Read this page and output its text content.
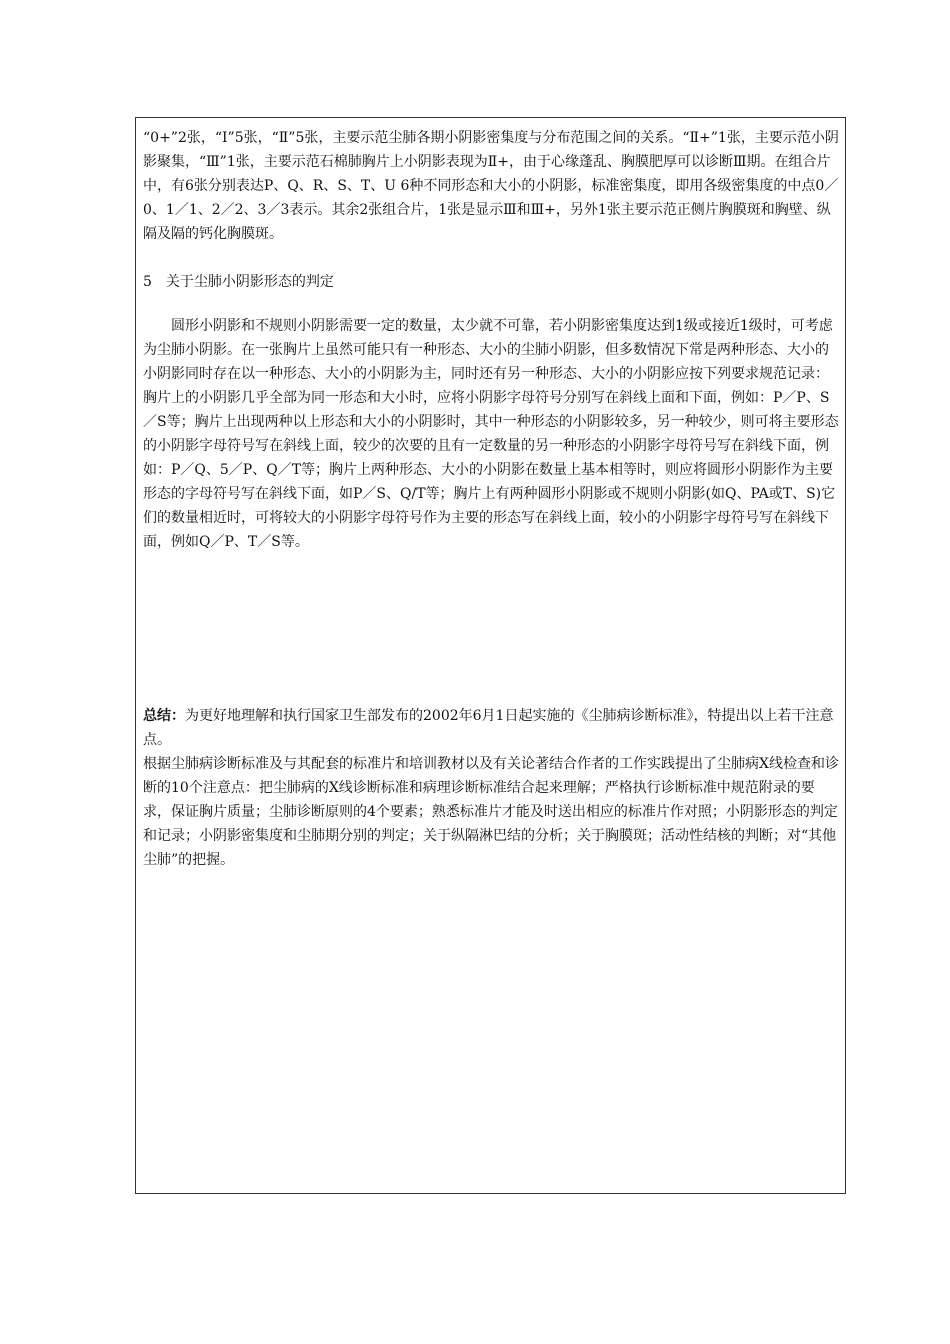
“0+”2张，“Ⅰ”5张，“Ⅱ”5张，主要示范尘肺各期小阴影密集度与分布范围之间的关系。“Ⅱ+”1张，主要示范小阴影聚集，“Ⅲ”1张，主要示范石棉肺胸片上小阴影表现为Ⅱ+，由于心缘蓬乱、胸膜肥厚可以诊断Ⅲ期。在组合片中，有6张分别表达P、Q、R、S、T、U 6种不同形态和大小的小阴影，标准密集度，即用各级密集度的中点0／0、1／1、2／2、3／3表示。其余2张组合片，1张是显示Ⅲ和Ⅲ+，另外1张主要示范正侧片胸膜斑和胸壁、纵隔及隔的钙化胸膜斑。

5　关于尘肺小阴影形态的判定

圆形小阴影和不规则小阴影需要一定的数量，太少就不可靠，若小阴影密集度达到1级或接近1级时，可考虑为尘肺小阴影。在一张胸片上虽然可能只有一种形态、大小的尘肺小阴影，但多数情况下常是两种形态、大小的小阴影同时存在以一种形态、大小的小阴影为主，同时还有另一种形态、大小的小阴影应按下列要求规范记录：胸片上的小阴影几乎全部为同一形态和大小时，应将小阴影字母符号分别写在斜线上面和下面，例如：P／P、S／S等；胸片上出现两种以上形态和大小的小阴影时，其中一种形态的小阴影较多，另一种较少，则可将主要形态的小阴影字母符号写在斜线上面，较少的次要的且有一定数量的另一种形态的小阴影字母符号写在斜线下面，例如：P／Q、5／P、Q／T等；胸片上两种形态、大小的小阴影在数量上基本相等时，则应将圆形小阴影作为主要形态的字母符号写在斜线下面，如P／S、Q/T等；胸片上有两种圆形小阴影或不规则小阴影(如Q、PA或T、S)它们的数量相近时，可将较大的小阴影字母符号作为主要的形态写在斜线上面，较小的小阴影字母符号写在斜线下面，例如Q／P、T／S等。

总结：为更好地理解和执行国家卫生部发布的2002年6月1日起实施的《尘肺病诊断标准》，特提出以上若干注意点。

根据尘肺病诊断标准及与其配套的标准片和培训教材以及有关论著结合作者的工作实践提出了尘肺病X线检查和诊断的10个注意点：把尘肺病的X线诊断标准和病理诊断标准结合起来理解；严格执行诊断标准中规范附录的要求，保证胸片质量；尘肺诊断原则的4个要素；熟悉标准片才能及时送出相应的标准片作对照；小阴影形态的判定和记录；小阴影密集度和尘肺期分别的判定；关于纵隔淋巴结的分析；关于胸膜斑；活动性结核的判断；对“其他尘肺”的把握。
